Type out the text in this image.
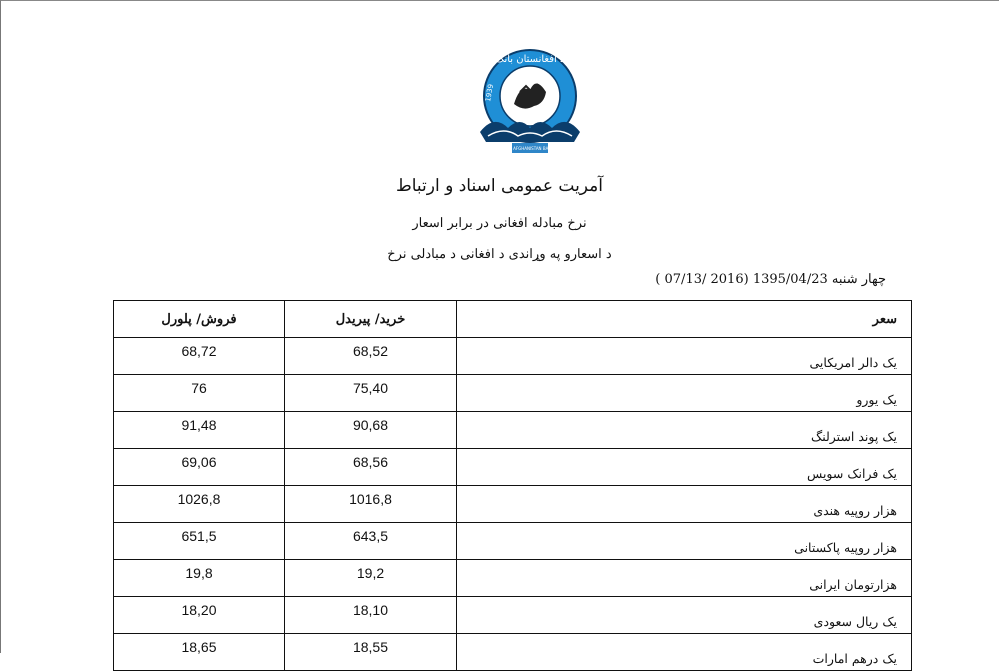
د افغانستان بانک
1939
DA AFGHANISTAN BANK
آمریت عمومی اسناد و ارتباط
نرخ مبادله افغانی در برابر اسعار
د اسعارو په وړاندی د افغانی د مبادلی نرخ
چهار شنبه 1395/04/23 (2016 /07/13 )
فروش/ پلورل	خرید/ پیریدل	سعر
68,72	68,52	یک دالر امریکایی
76	75,40	یک یورو
91,48	90,68	یک پوند استرلنگ
69,06	68,56	یک فرانک سویس
1026,8	1016,8	هزار روپیه هندی
651,5	643,5	هزار روپیه پاکستانی
19,8	19,2	هزارتومان ایرانی
18,20	18,10	یک ریال سعودی
18,65	18,55	یک درهم امارات
